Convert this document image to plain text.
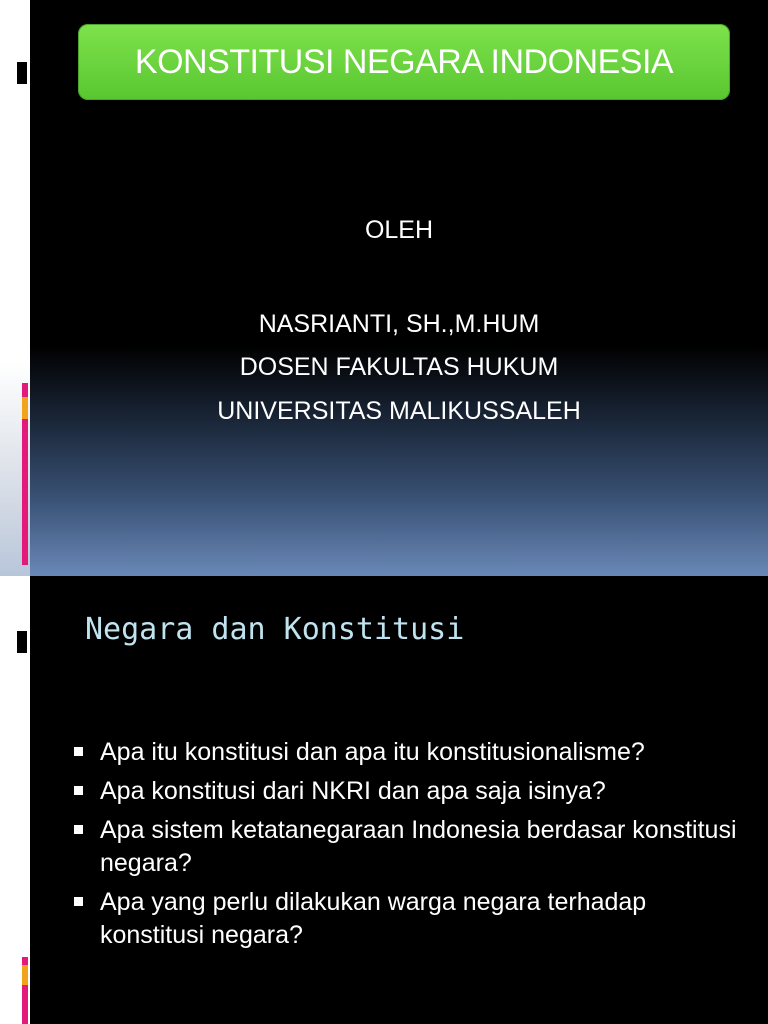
KONSTITUSI NEGARA INDONESIA
OLEH
NASRIANTI, SH.,M.HUM
DOSEN FAKULTAS HUKUM
UNIVERSITAS MALIKUSSALEH
Negara dan Konstitusi
Apa itu konstitusi dan apa itu konstitusionalisme?
Apa konstitusi dari NKRI dan apa saja isinya?
Apa sistem ketatanegaraan Indonesia berdasar konstitusi negara?
Apa yang perlu dilakukan warga negara terhadap konstitusi negara?
